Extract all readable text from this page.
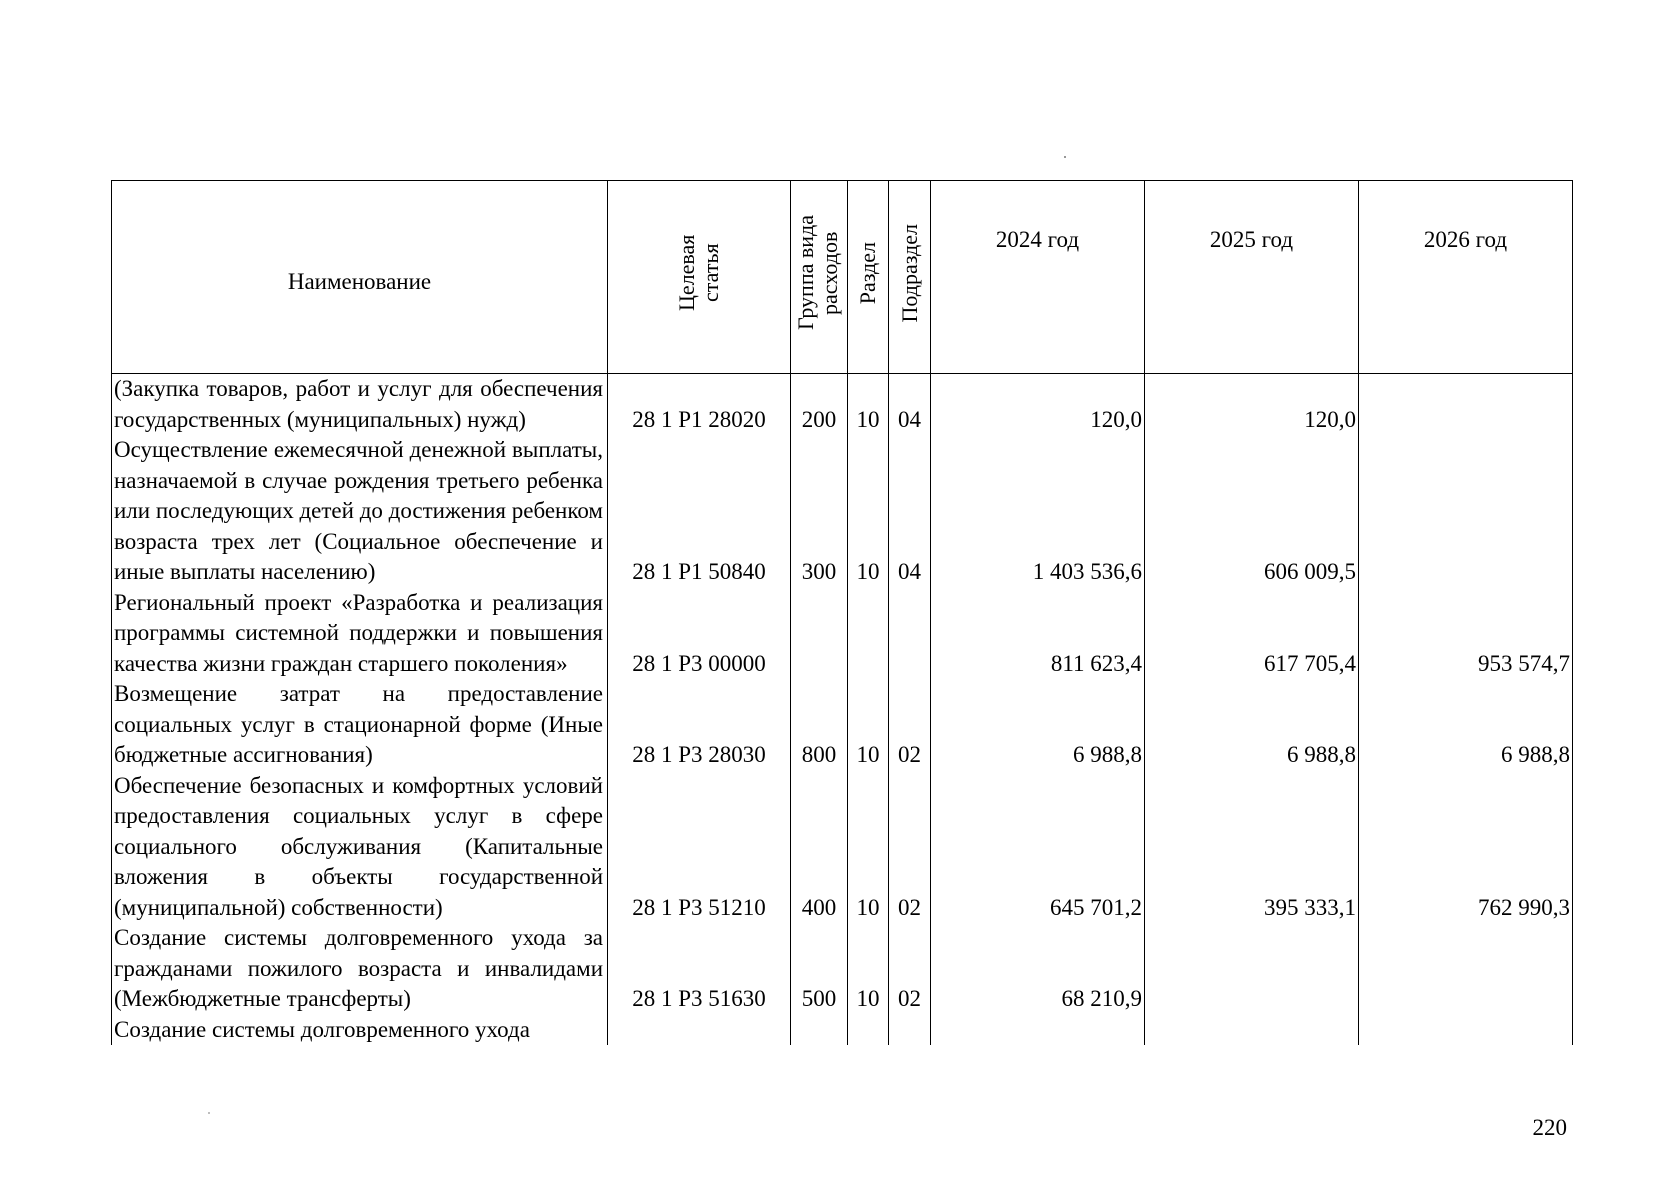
Наименование	Целевая статья	Группа вида расходов	Раздел	Подраздел	2024 год	2025 год	2026 год
(Закупка товаров, работ и услуг для обеспечения государственных (муниципальных) нужд)	28 1 P1 28020	200	10	04	120,0	120,0	
Осуществление ежемесячной денежной выплаты, назначаемой в случае рождения третьего ребенка или последующих детей до достижения ребенком возраста трех лет (Социальное обеспечение и иные выплаты населению)	28 1 P1 50840	300	10	04	1 403 536,6	606 009,5	
Региональный проект «Разработка и реализация программы системной поддержки и повышения качества жизни граждан старшего поколения»	28 1 P3 00000				811 623,4	617 705,4	953 574,7
Возмещение затрат на предоставление социальных услуг в стационарной форме (Иные бюджетные ассигнования)	28 1 P3 28030	800	10	02	6 988,8	6 988,8	6 988,8
Обеспечение безопасных и комфортных условий предоставления социальных услуг в сфере социального обслуживания (Капитальные вложения в объекты государственной (муниципальной) собственности)	28 1 P3 51210	400	10	02	645 701,2	395 333,1	762 990,3
Создание системы долговременного ухода за гражданами пожилого возраста и инвалидами (Межбюджетные трансферты)	28 1 P3 51630	500	10	02	68 210,9		
Создание системы долговременного ухода							
220
